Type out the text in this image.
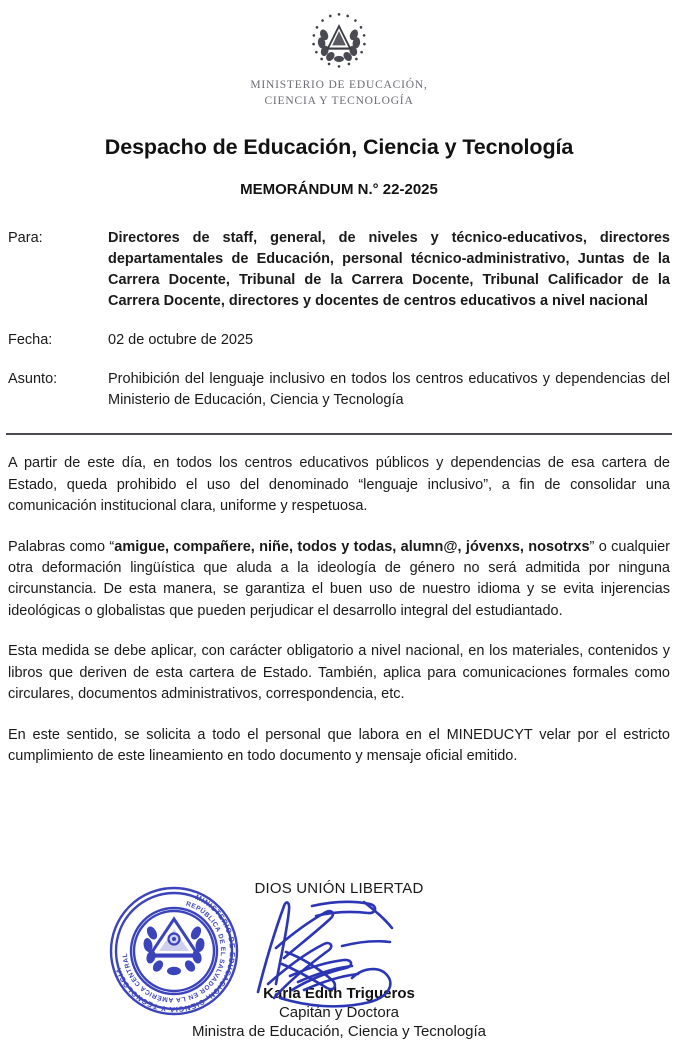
MINISTERIO DE EDUCACIÓN,
CIENCIA Y TECNOLOGÍA
Despacho de Educación, Ciencia y Tecnología
MEMORÁNDUM N.° 22-2025
Para:	Directores de staff, general, de niveles y técnico-educativos, directores departamentales de Educación, personal técnico-administrativo, Juntas de la Carrera Docente, Tribunal de la Carrera Docente, Tribunal Calificador de la Carrera Docente, directores y docentes de centros educativos a nivel nacional
Fecha:	02 de octubre de 2025
Asunto:	Prohibición del lenguaje inclusivo en todos los centros educativos y dependencias del Ministerio de Educación, Ciencia y Tecnología

A partir de este día, en todos los centros educativos públicos y dependencias de esa cartera de Estado, queda prohibido el uso del denominado “lenguaje inclusivo”, a fin de consolidar una comunicación institucional clara, uniforme y respetuosa.

Palabras como “amigue, compañere, niñe, todos y todas, alumn@, jóvenxs, nosotrxs” o cualquier otra deformación lingüística que aluda a la ideología de género no será admitida por ninguna circunstancia. De esta manera, se garantiza el buen uso de nuestro idioma y se evita injerencias ideológicas o globalistas que pueden perjudicar el desarrollo integral del estudiantado.

Esta medida se debe aplicar, con carácter obligatorio a nivel nacional, en los materiales, contenidos y libros que deriven de esta cartera de Estado. También, aplica para comunicaciones formales como circulares, documentos administrativos, correspondencia, etc.

En este sentido, se solicita a todo el personal que labora en el MINEDUCYT velar por el estricto cumplimiento de este lineamiento en todo documento y mensaje oficial emitido.

DIOS UNIÓN LIBERTAD
Karla Edith Trigueros
Capitán y Doctora
Ministra de Educación, Ciencia y Tecnología
MINISTERIO DE EDUCACIÓN, CIENCIA Y TECNOLOGÍA
REPÚBLICA DE EL SALVADOR EN LA AMÉRICA CENTRAL
